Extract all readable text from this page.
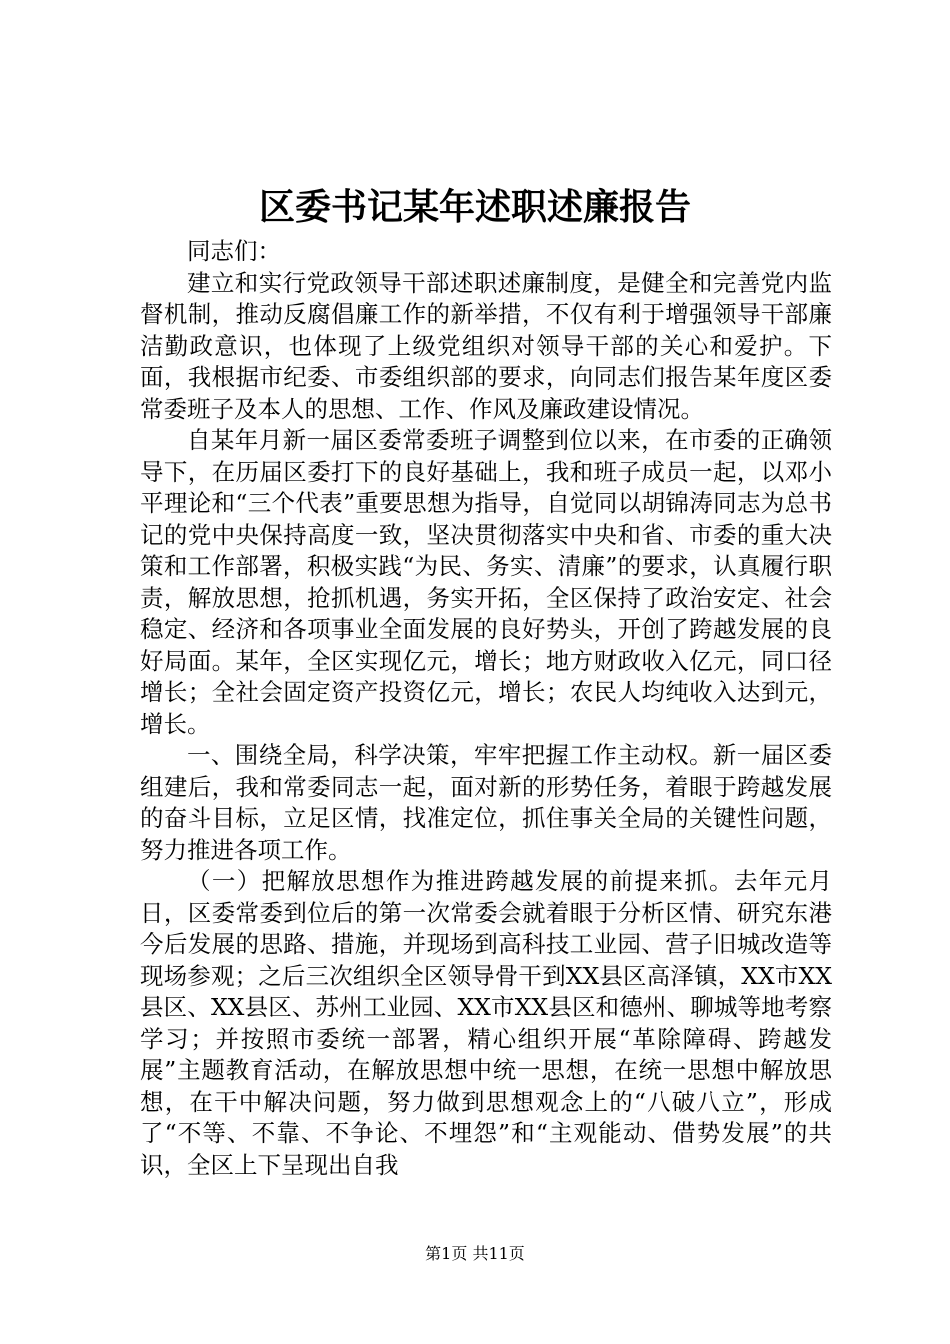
区委书记某年述职述廉报告

同志们：

建立和实行党政领导干部述职述廉制度，是健全和完善党内监督机制，推动反腐倡廉工作的新举措，不仅有利于增强领导干部廉洁勤政意识，也体现了上级党组织对领导干部的关心和爱护。下面，我根据市纪委、市委组织部的要求，向同志们报告某年度区委常委班子及本人的思想、工作、作风及廉政建设情况。

自某年月新一届区委常委班子调整到位以来，在市委的正确领导下，在历届区委打下的良好基础上，我和班子成员一起，以邓小平理论和“三个代表”重要思想为指导，自觉同以胡锦涛同志为总书记的党中央保持高度一致，坚决贯彻落实中央和省、市委的重大决策和工作部署，积极实践“为民、务实、清廉”的要求，认真履行职责，解放思想，抢抓机遇，务实开拓，全区保持了政治安定、社会稳定、经济和各项事业全面发展的良好势头，开创了跨越发展的良好局面。某年，全区实现亿元，增长；地方财政收入亿元，同口径增长；全社会固定资产投资亿元，增长；农民人均纯收入达到元，增长。

一、围绕全局，科学决策，牢牢把握工作主动权。新一届区委组建后，我和常委同志一起，面对新的形势任务，着眼于跨越发展的奋斗目标，立足区情，找准定位，抓住事关全局的关键性问题，努力推进各项工作。

（一）把解放思想作为推进跨越发展的前提来抓。去年元月日，区委常委到位后的第一次常委会就着眼于分析区情、研究东港今后发展的思路、措施，并现场到高科技工业园、营子旧城改造等现场参观；之后三次组织全区领导骨干到XX县区高泽镇，XX市XX县区、XX县区、苏州工业园、XX市XX县区和德州、聊城等地考察学习；并按照市委统一部署，精心组织开展“革除障碍、跨越发展”主题教育活动，在解放思想中统一思想，在统一思想中解放思想，在干中解决问题，努力做到思想观念上的“八破八立”，形成了“不等、不靠、不争论、不埋怨”和“主观能动、借势发展”的共识，全区上下呈现出自我

第1页 共11页
